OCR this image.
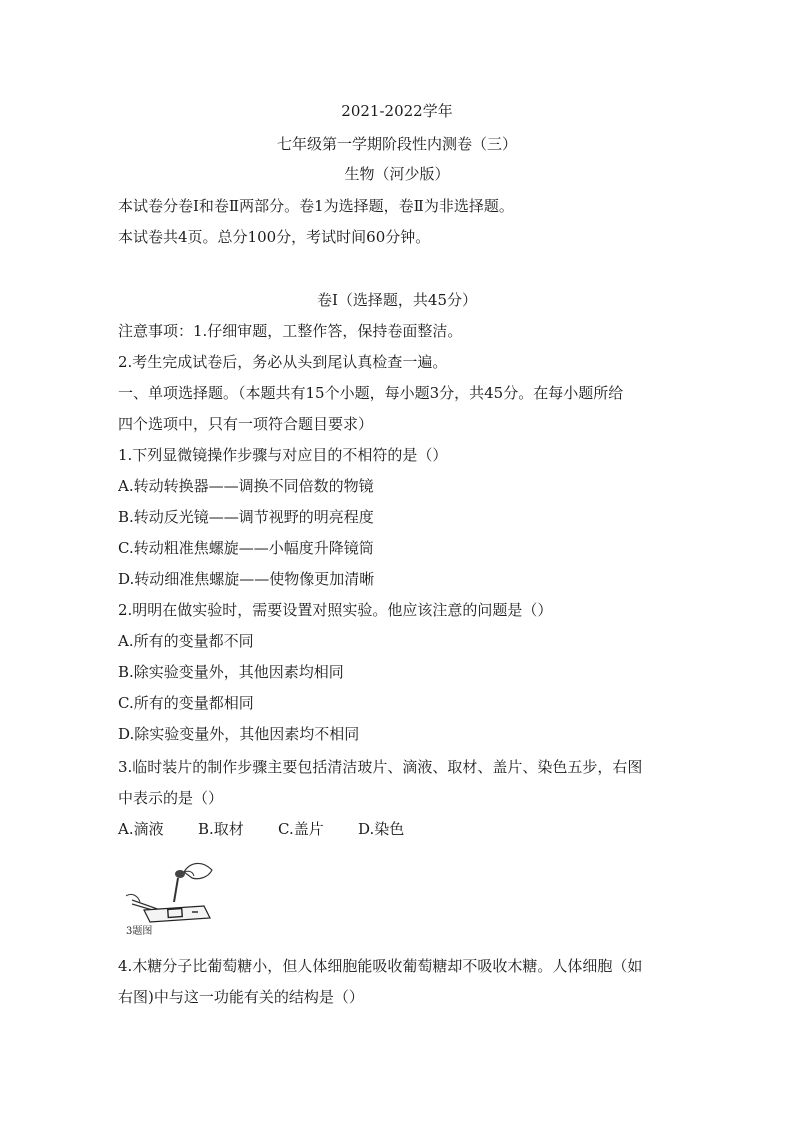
2021-2022学年
七年级第一学期阶段性内测卷（三）
生物（河少版）
本试卷分卷Ⅰ和卷Ⅱ两部分。卷1为选择题，卷Ⅱ为非选择题。
本试卷共4页。总分100分，考试时间60分钟。
卷Ⅰ（选择题，共45分）
注意事项：1.仔细审题，工整作答，保持卷面整洁。
2.考生完成试卷后，务必从头到尾认真检查一遍。
一、单项选择题。（本题共有15个小题，每小题3分，共45分。在每小题所给
四个选项中，只有一项符合题目要求）
1.下列显微镜操作步骤与对应目的不相符的是（）
A.转动转换器——调换不同倍数的物镜
B.转动反光镜——调节视野的明亮程度
C.转动粗准焦螺旋——小幅度升降镜筒
D.转动细准焦螺旋——使物像更加清晰
2.明明在做实验时，需要设置对照实验。他应该注意的问题是（）
A.所有的变量都不同
B.除实验变量外，其他因素均相同
C.所有的变量都相同
D.除实验变量外，其他因素均不相同
3.临时装片的制作步骤主要包括清洁玻片、滴液、取材、盖片、染色五步，右图
中表示的是（）
A.滴液 B.取材 C.盖片 D.染色
3题图
4.木糖分子比葡萄糖小，但人体细胞能吸收葡萄糖却不吸收木糖。人体细胞（如
右图)中与这一功能有关的结构是（）
